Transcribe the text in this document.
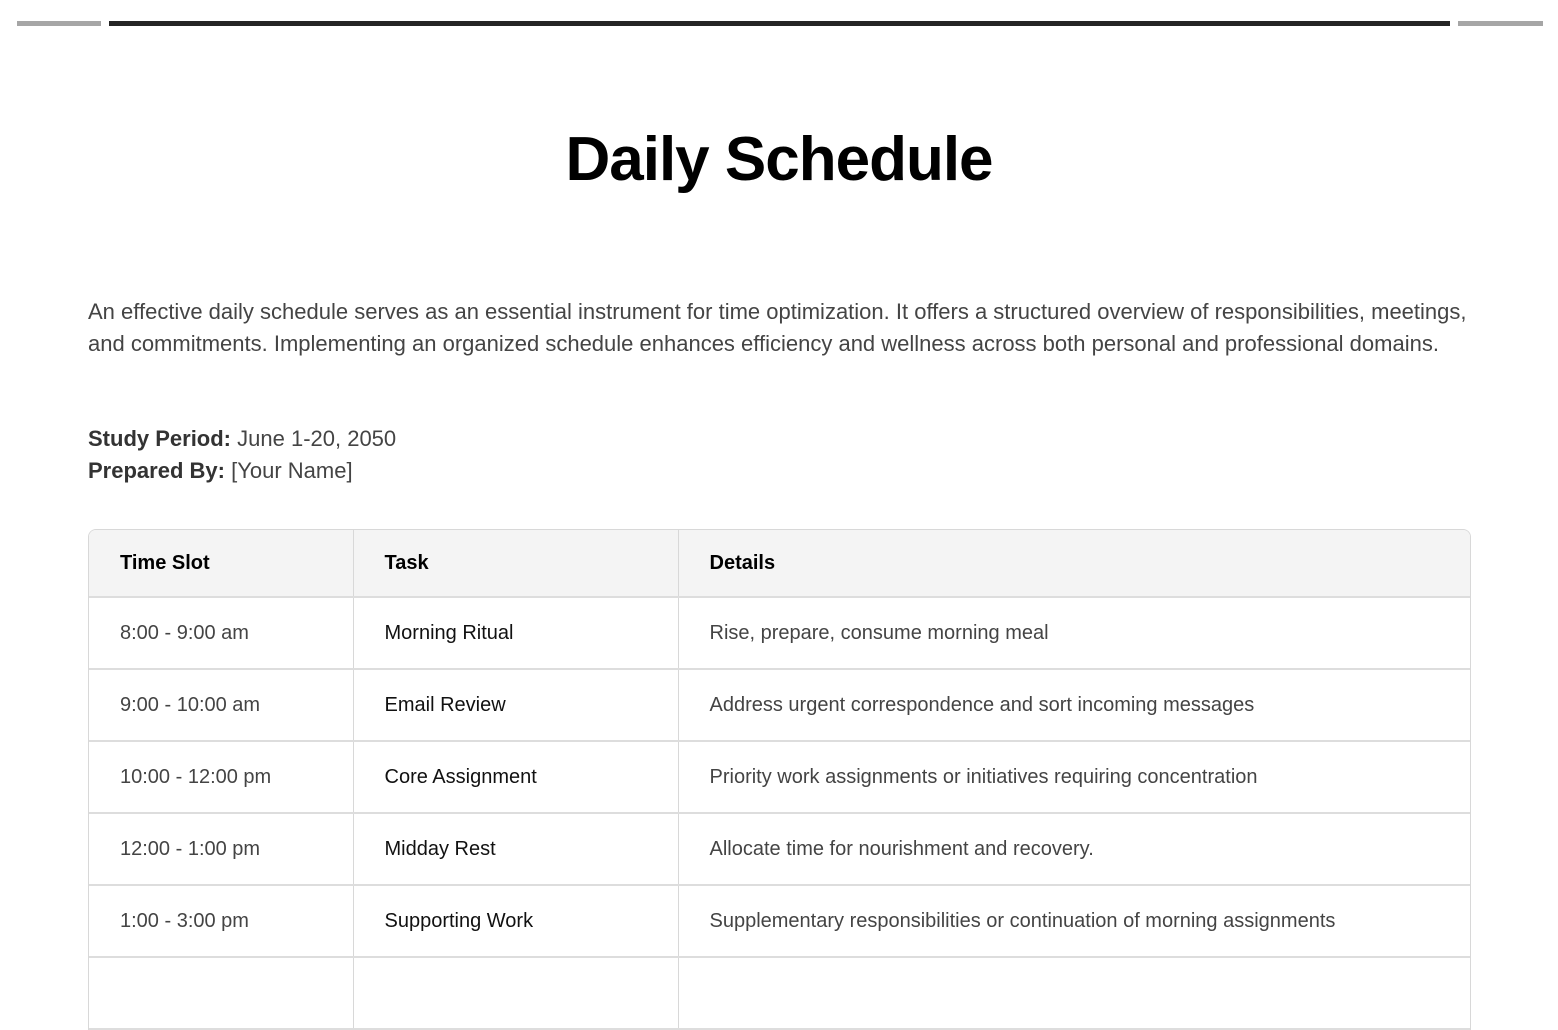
Daily Schedule

An effective daily schedule serves as an essential instrument for time optimization. It offers a structured overview of responsibilities, meetings, and commitments. Implementing an organized schedule enhances efficiency and wellness across both personal and professional domains.

Study Period: June 1-20, 2050
Prepared By: [Your Name]
Time Slot	Task	Details
8:00 - 9:00 am	Morning Ritual	Rise, prepare, consume morning meal
9:00 - 10:00 am	Email Review	Address urgent correspondence and sort incoming messages
10:00 - 12:00 pm	Core Assignment	Priority work assignments or initiatives requiring concentration
12:00 - 1:00 pm	Midday Rest	Allocate time for nourishment and recovery.
1:00 - 3:00 pm	Supporting Work	Supplementary responsibilities or continuation of morning assignments
